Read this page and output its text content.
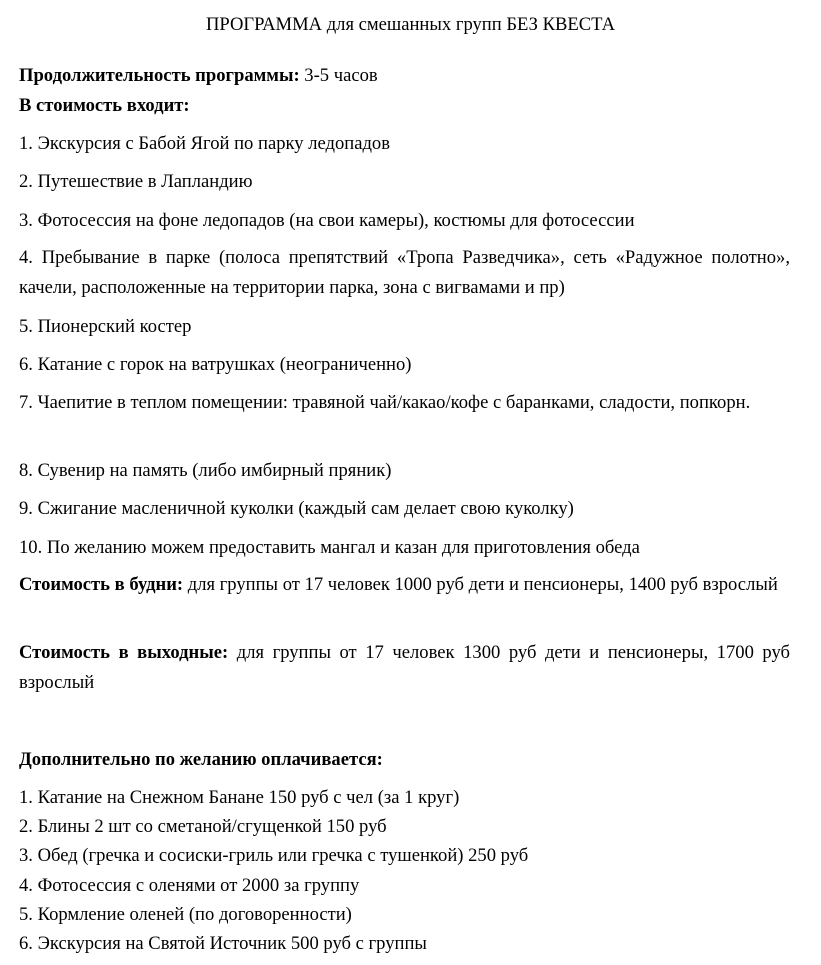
ПРОГРАММА для смешанных групп БЕЗ КВЕСТА
Продолжительность программы: 3-5 часов
В стоимость входит:
1. Экскурсия с Бабой Ягой по парку ледопадов
2. Путешествие в Лапландию
3. Фотосессия на фоне ледопадов (на свои камеры), костюмы для фотосессии
4. Пребывание в парке (полоса препятствий «Тропа Разведчика», сеть «Радужное полотно», качели, расположенные на территории парка, зона с вигвамами и пр)
5. Пионерский костер
6. Катание с горок на ватрушках (неограниченно)
7. Чаепитие в теплом помещении: травяной чай/какао/кофе с баранками, сладости, попкорн.
8. Сувенир на память (либо имбирный пряник)
9. Сжигание масленичной куколки (каждый сам делает свою куколку)
10. По желанию можем предоставить мангал и казан для приготовления обеда
Стоимость в будни: для группы от 17 человек 1000 руб дети и пенсионеры, 1400 руб взрослый
Стоимость в выходные: для группы от 17 человек 1300 руб дети и пенсионеры, 1700 руб взрослый
Дополнительно по желанию оплачивается:
1. Катание на Снежном Банане 150 руб с чел (за 1 круг)
2. Блины 2 шт со сметаной/сгущенкой 150 руб
3. Обед (гречка и сосиски-гриль или гречка с тушенкой) 250 руб
4. Фотосессия с оленями от 2000 за группу
5. Кормление оленей (по договоренности)
6. Экскурсия на Святой Источник 500 руб с группы
